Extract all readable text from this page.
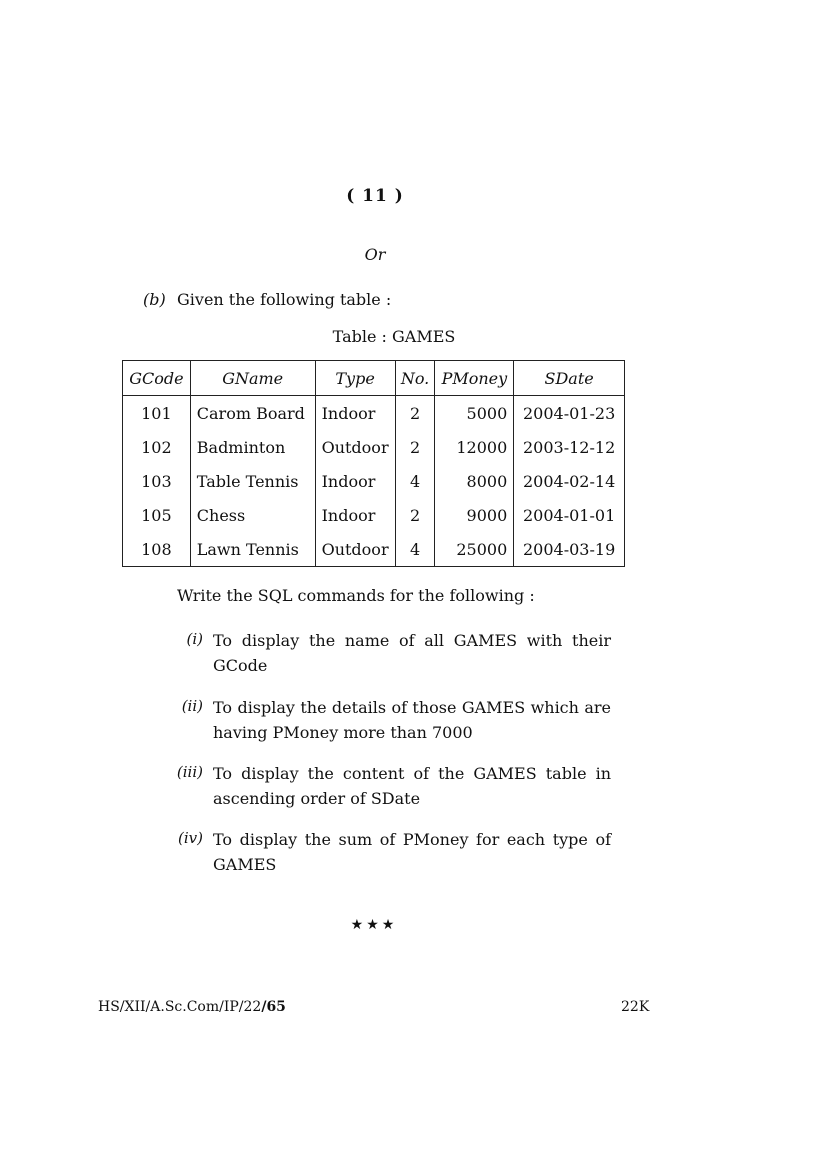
( 11 )
Or
(b) Given the following table :
Table : GAMES
GCode	GName	Type	No.	PMoney	SDate
101	Carom Board	Indoor	2	5000	2004-01-23
102	Badminton	Outdoor	2	12000	2003-12-12
103	Table Tennis	Indoor	4	8000	2004-02-14
105	Chess	Indoor	2	9000	2004-01-01
108	Lawn Tennis	Outdoor	4	25000	2004-03-19
Write the SQL commands for the following :
(i) To display the name of all GAMES with their GCode
(ii) To display the details of those GAMES which are having PMoney more than 7000
(iii) To display the content of the GAMES table in ascending order of SDate
(iv) To display the sum of PMoney for each type of GAMES
★★★
HS/XII/A.Sc.Com/IP/22/65	22K
